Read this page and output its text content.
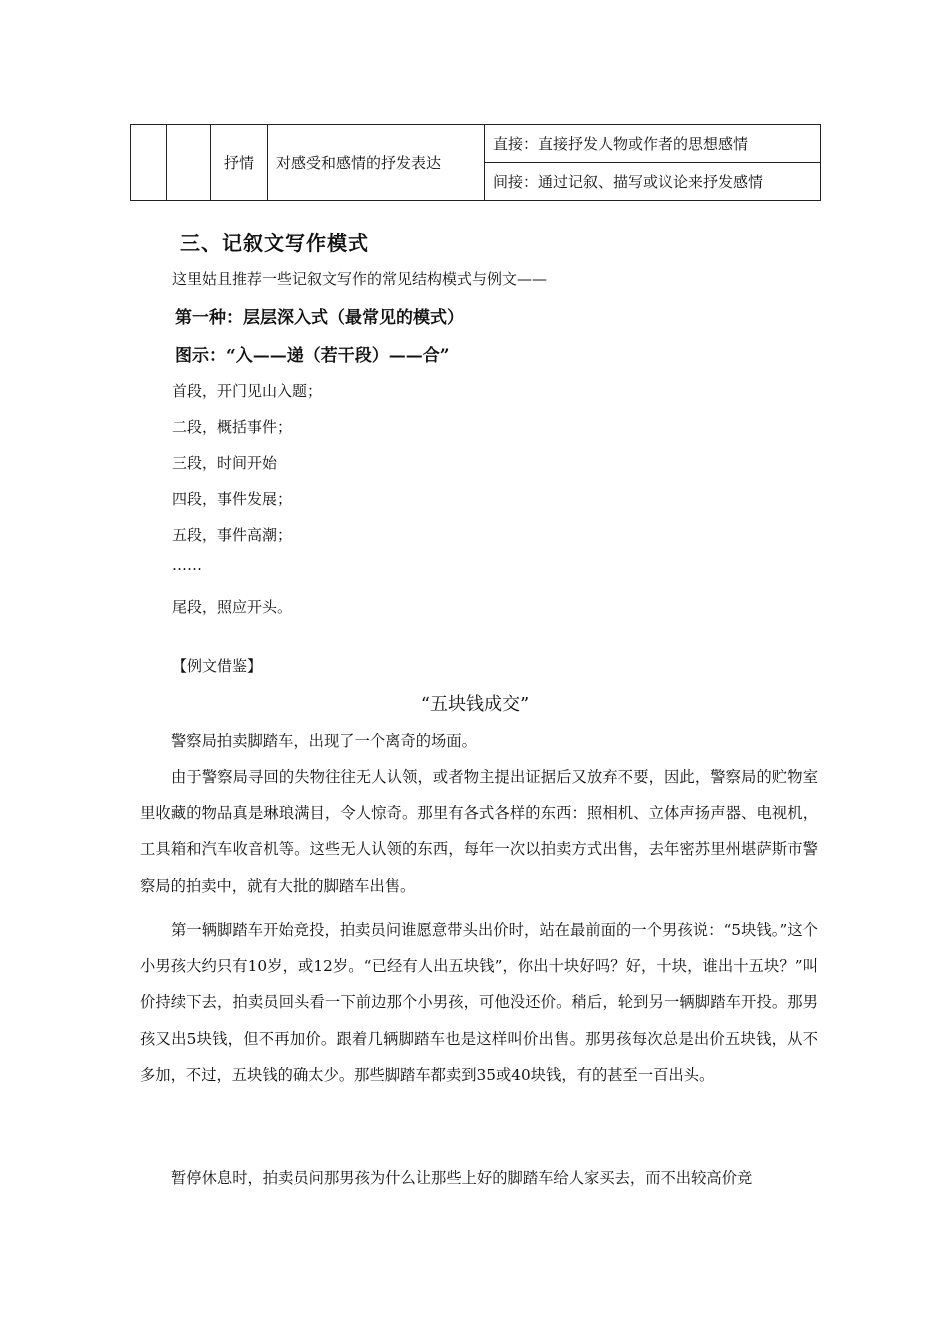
		抒情	对感受和感情的抒发表达	直接：直接抒发人物或作者的思想感情
间接：通过记叙、描写或议论来抒发感情
三、记叙文写作模式
这里姑且推荐一些记叙文写作的常见结构模式与例文——
第一种：层层深入式（最常见的模式）
图示：“入——递（若干段）——合”
首段，开门见山入题；
二段，概括事件；
三段，时间开始
四段，事件发展；
五段，事件高潮；
……
尾段，照应开头。
【例文借鉴】
“五块钱成交”

警察局拍卖脚踏车，出现了一个离奇的场面。

由于警察局寻回的失物往往无人认领，或者物主提出证据后又放弃不要，因此，警察局的贮物室里收藏的物品真是琳琅满目，令人惊奇。那里有各式各样的东西：照相机、立体声扬声器、电视机，工具箱和汽车收音机等。这些无人认领的东西，每年一次以拍卖方式出售，去年密苏里州堪萨斯市警察局的拍卖中，就有大批的脚踏车出售。

第一辆脚踏车开始竞投，拍卖员问谁愿意带头出价时，站在最前面的一个男孩说：“5块钱。”这个小男孩大约只有10岁，或12岁。“已经有人出五块钱”，你出十块好吗？好，十块，谁出十五块？”叫价持续下去，拍卖员回头看一下前边那个小男孩，可他没还价。稍后，轮到另一辆脚踏车开投。那男孩又出5块钱，但不再加价。跟着几辆脚踏车也是这样叫价出售。那男孩每次总是出价五块钱，从不多加，不过，五块钱的确太少。那些脚踏车都卖到35或40块钱，有的甚至一百出头。

暂停休息时，拍卖员问那男孩为什么让那些上好的脚踏车给人家买去，而不出较高价竞
